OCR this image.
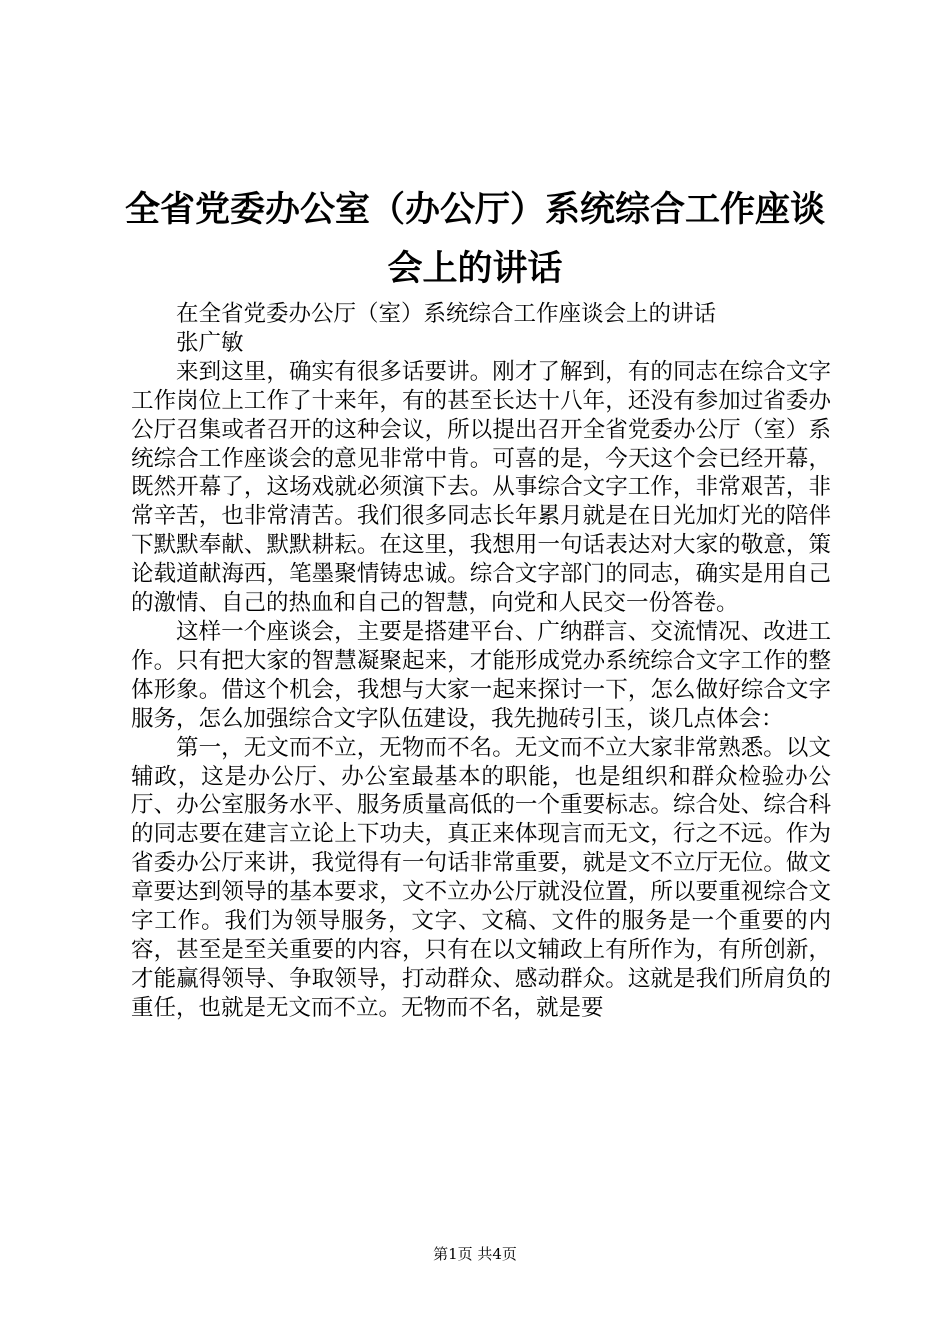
全省党委办公室（办公厅）系统综合工作座谈
会上的讲话

在全省党委办公厅（室）系统综合工作座谈会上的讲话

张广敏

来到这里，确实有很多话要讲。刚才了解到，有的同志在综合文字工作岗位上工作了十来年，有的甚至长达十八年，还没有参加过省委办公厅召集或者召开的这种会议，所以提出召开全省党委办公厅（室）系统综合工作座谈会的意见非常中肯。可喜的是，今天这个会已经开幕，既然开幕了，这场戏就必须演下去。从事综合文字工作，非常艰苦，非常辛苦，也非常清苦。我们很多同志长年累月就是在日光加灯光的陪伴下默默奉献、默默耕耘。在这里，我想用一句话表达对大家的敬意，策论载道献海西，笔墨聚情铸忠诚。综合文字部门的同志，确实是用自己的激情、自己的热血和自己的智慧，向党和人民交一份答卷。

这样一个座谈会，主要是搭建平台、广纳群言、交流情况、改进工作。只有把大家的智慧凝聚起来，才能形成党办系统综合文字工作的整体形象。借这个机会，我想与大家一起来探讨一下，怎么做好综合文字服务，怎么加强综合文字队伍建设，我先抛砖引玉，谈几点体会：

第一，无文而不立，无物而不名。无文而不立大家非常熟悉。以文辅政，这是办公厅、办公室最基本的职能，也是组织和群众检验办公厅、办公室服务水平、服务质量高低的一个重要标志。综合处、综合科的同志要在建言立论上下功夫，真正来体现言而无文，行之不远。作为省委办公厅来讲，我觉得有一句话非常重要，就是文不立厅无位。做文章要达到领导的基本要求，文不立办公厅就没位置，所以要重视综合文字工作。我们为领导服务，文字、文稿、文件的服务是一个重要的内容，甚至是至关重要的内容，只有在以文辅政上有所作为，有所创新，才能赢得领导、争取领导，打动群众、感动群众。这就是我们所肩负的重任，也就是无文而不立。无物而不名，就是要

第1页 共4页
